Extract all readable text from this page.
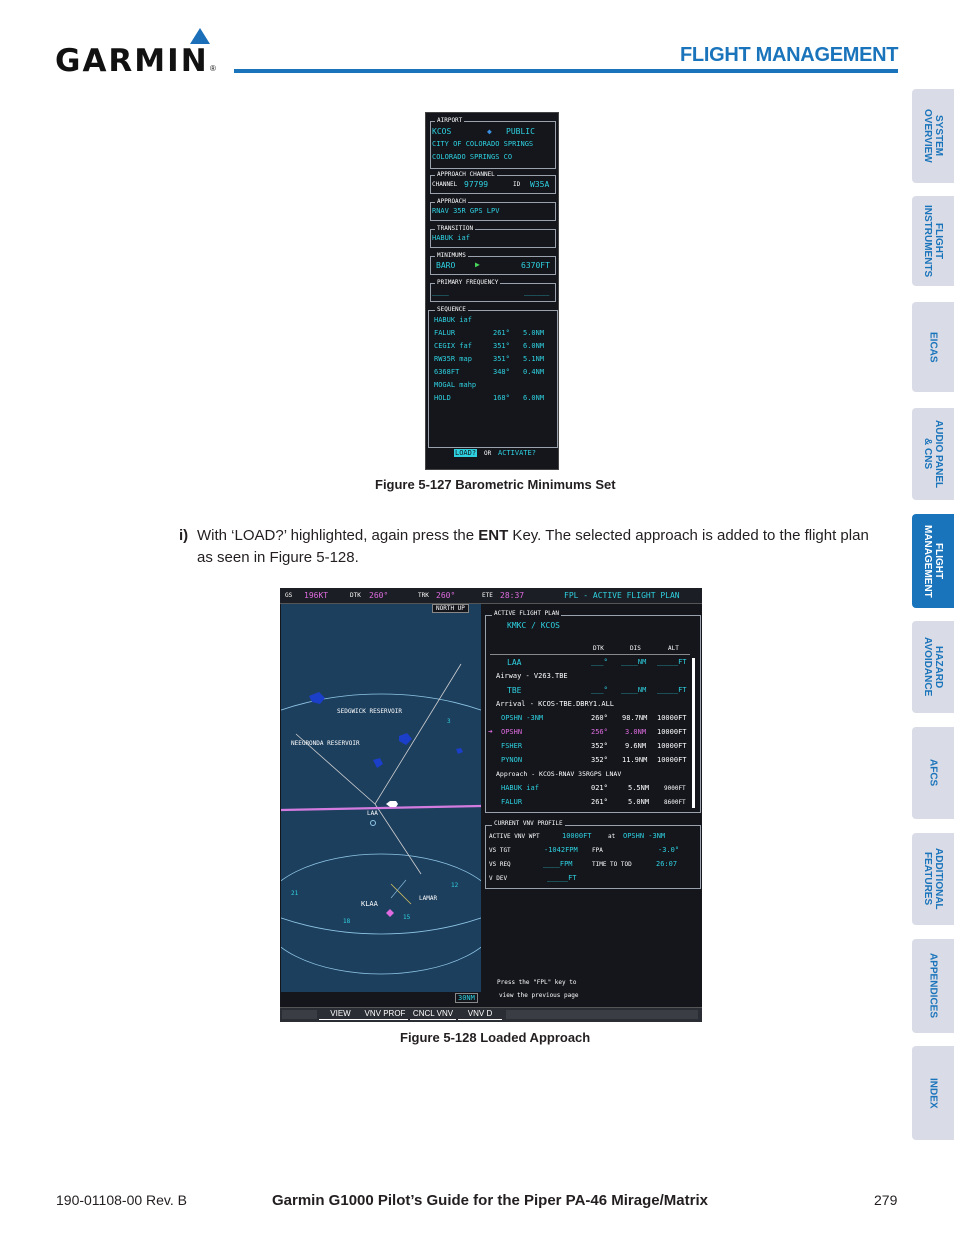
GARMIN ®
FLIGHT MANAGEMENT
SYSTEM
OVERVIEW
FLIGHT
INSTRUMENTS
EICAS
AUDIO PANEL
& CNS
FLIGHT
MANAGEMENT
HAZARD
AVOIDANCE
AFCS
ADDITIONAL
FEATURES
APPENDICES
INDEX
AIRPORT
KCOS	◆ PUBLIC
CITY OF COLORADO SPRINGS
COLORADO SPRINGS CO
APPROACH CHANNEL
CHANNEL 97799	ID W35A
APPROACH
RNAV 35R GPS LPV
TRANSITION
HABUK iaf
MINIMUMS
BARO ▶	6370FT
PRIMARY FREQUENCY
____	______
SEQUENCE
HABUK iaf
FALUR	261° 5.0NM
CEGIX faf	351° 6.0NM
RW35R map	351° 5.1NM
6368FT	348° 0.4NM
MOGAL mahp
HOLD	168° 6.0NM
LOAD? OR ACTIVATE?
Figure 5-127 Barometric Minimums Set
i) With ‘LOAD?’ highlighted, again press the ENT Key. The selected approach is added to the flight plan as seen in Figure 5-128.
GS 196KT	DTK 260°	TRK 260°	ETE 28:37	FPL - ACTIVE FLIGHT PLAN
SEDGWICK RESERVOIR
NEEGRONDA RESERVOIR
LAA
KLAA
LAMAR
21
18
15
12
3
NORTH UP
30NM
ACTIVE FLIGHT PLAN
KMKC / KCOS
DTK	DIS	ALT
LAA	___° ____NM _____FT
Airway - V263.TBE
TBE	___° ____NM _____FT
Arrival - KCOS-TBE.DBRY1.ALL
OPSHN -3NM	260° 98.7NM 10000FT
➔ OPSHN	256° 3.0NM 10000FT
FSHER	352° 9.6NM 10000FT
PYNON	352° 11.9NM 10000FT
Approach - KCOS-RNAV 35RGPS LNAV
HABUK iaf	021°	5.5NM 9000FT
FALUR	261°	5.0NM 8600FT
CURRENT VNV PROFILE
ACTIVE VNV WPT	10000FT	at OPSHN -3NM
VS TGT	-1042FPM FPA	-3.0°
VS REQ	____FPM	TIME TO TOD	26:07
V DEV	_____FT
Press the "FPL" key to
view the previous page
VIEW	VNV PROF CNCL VNV	VNV D
Figure 5-128 Loaded Approach
190-01108-00 Rev. B	Garmin G1000 Pilot’s Guide for the Piper PA-46 Mirage/Matrix	279
